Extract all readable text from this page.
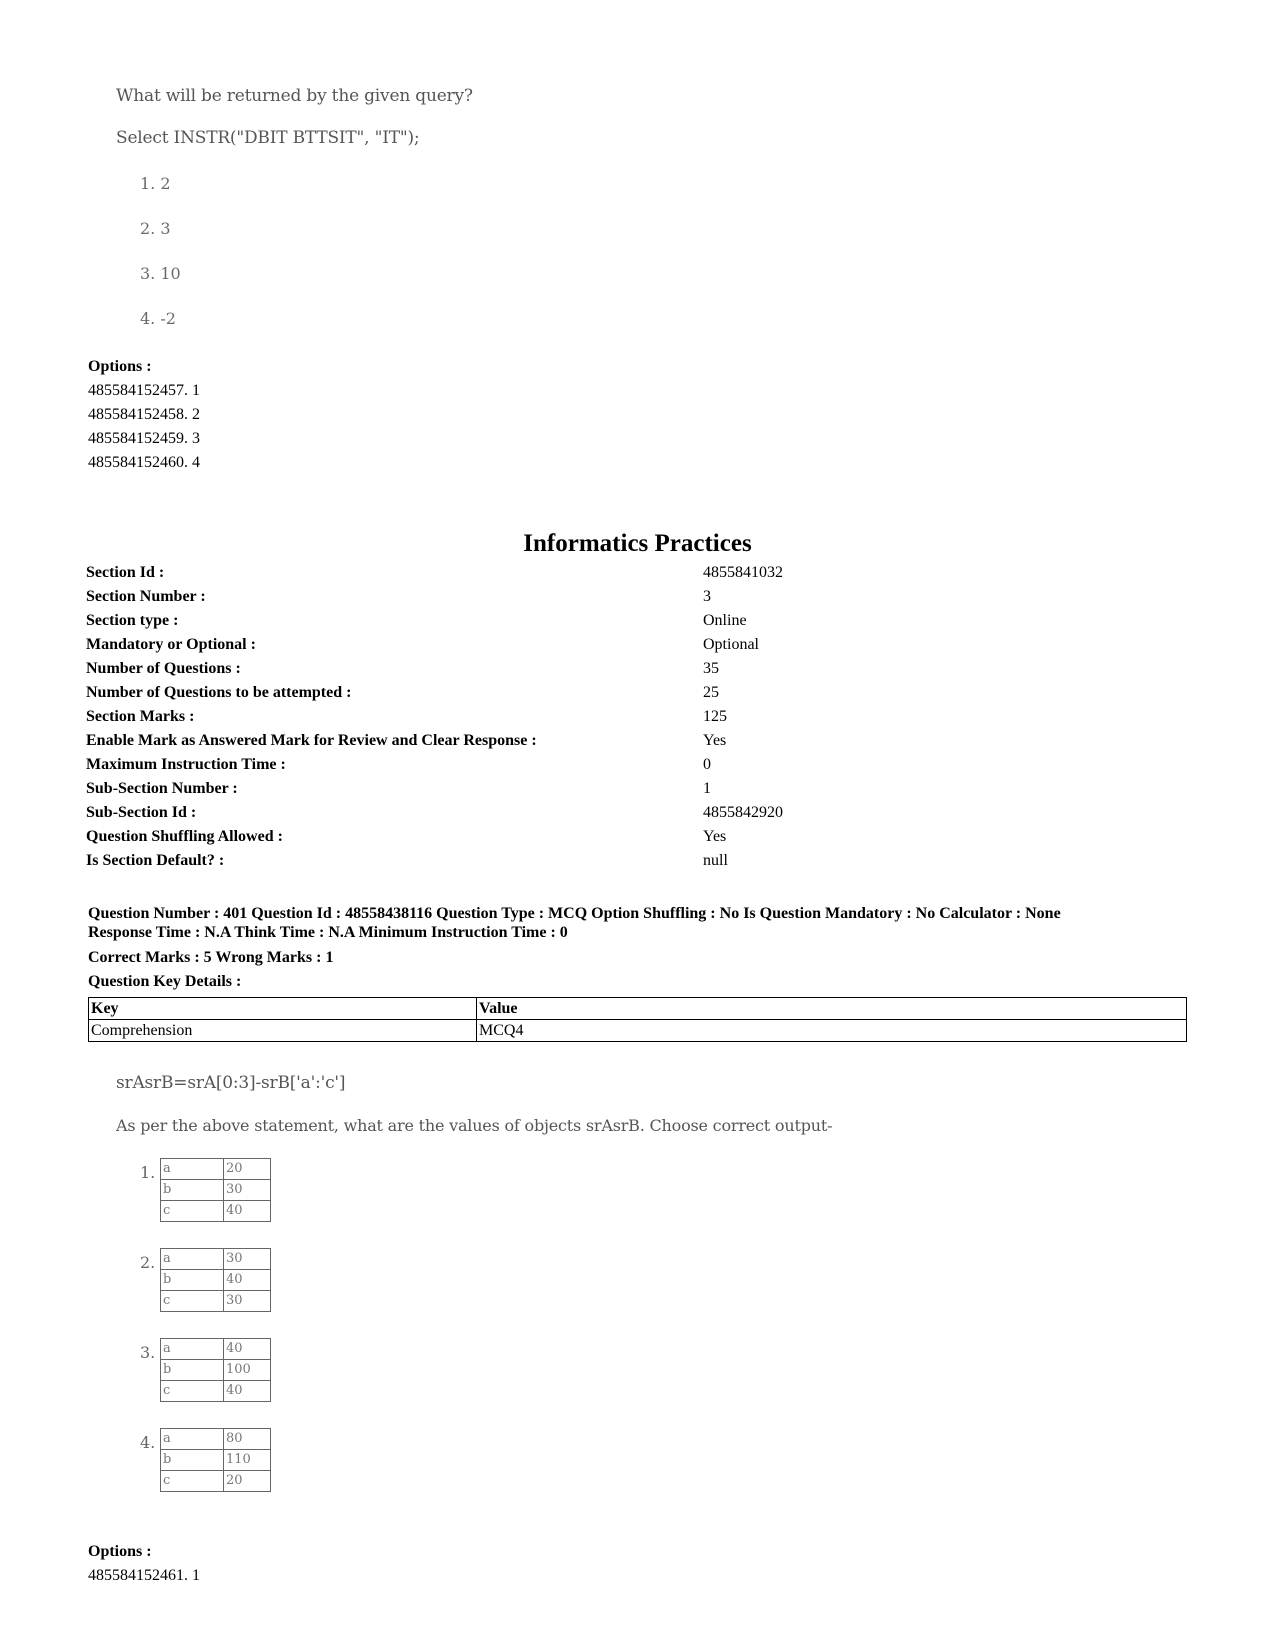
What will be returned by the given query?
Select INSTR("DBIT BTTSIT", "IT");
1. 2
2. 3
3. 10
4. -2
Options :
485584152457. 1
485584152458. 2
485584152459. 3
485584152460. 4
Informatics Practices
Section Id :	4855841032
Section Number :	3
Section type :	Online
Mandatory or Optional :	Optional
Number of Questions :	35
Number of Questions to be attempted :	25
Section Marks :	125
Enable Mark as Answered Mark for Review and Clear Response :	Yes
Maximum Instruction Time :	0
Sub-Section Number :	1
Sub-Section Id :	4855842920
Question Shuffling Allowed :	Yes
Is Section Default? :	null
Question Number : 401 Question Id : 48558438116 Question Type : MCQ Option Shuffling : No Is Question Mandatory : No Calculator : None
Response Time : N.A Think Time : N.A Minimum Instruction Time : 0
Correct Marks : 5 Wrong Marks : 1
Question Key Details :
Key	Value
Comprehension	MCQ4
srAsrB=srA[0:3]-srB['a':'c']
As per the above statement, what are the values of objects srAsrB. Choose correct output-
1. a	20
b	30
c	40
2. a	30
b	40
c	30
3. a	40
b	100
c	40
4. a	80
b	110
c	20
Options :
485584152461. 1
